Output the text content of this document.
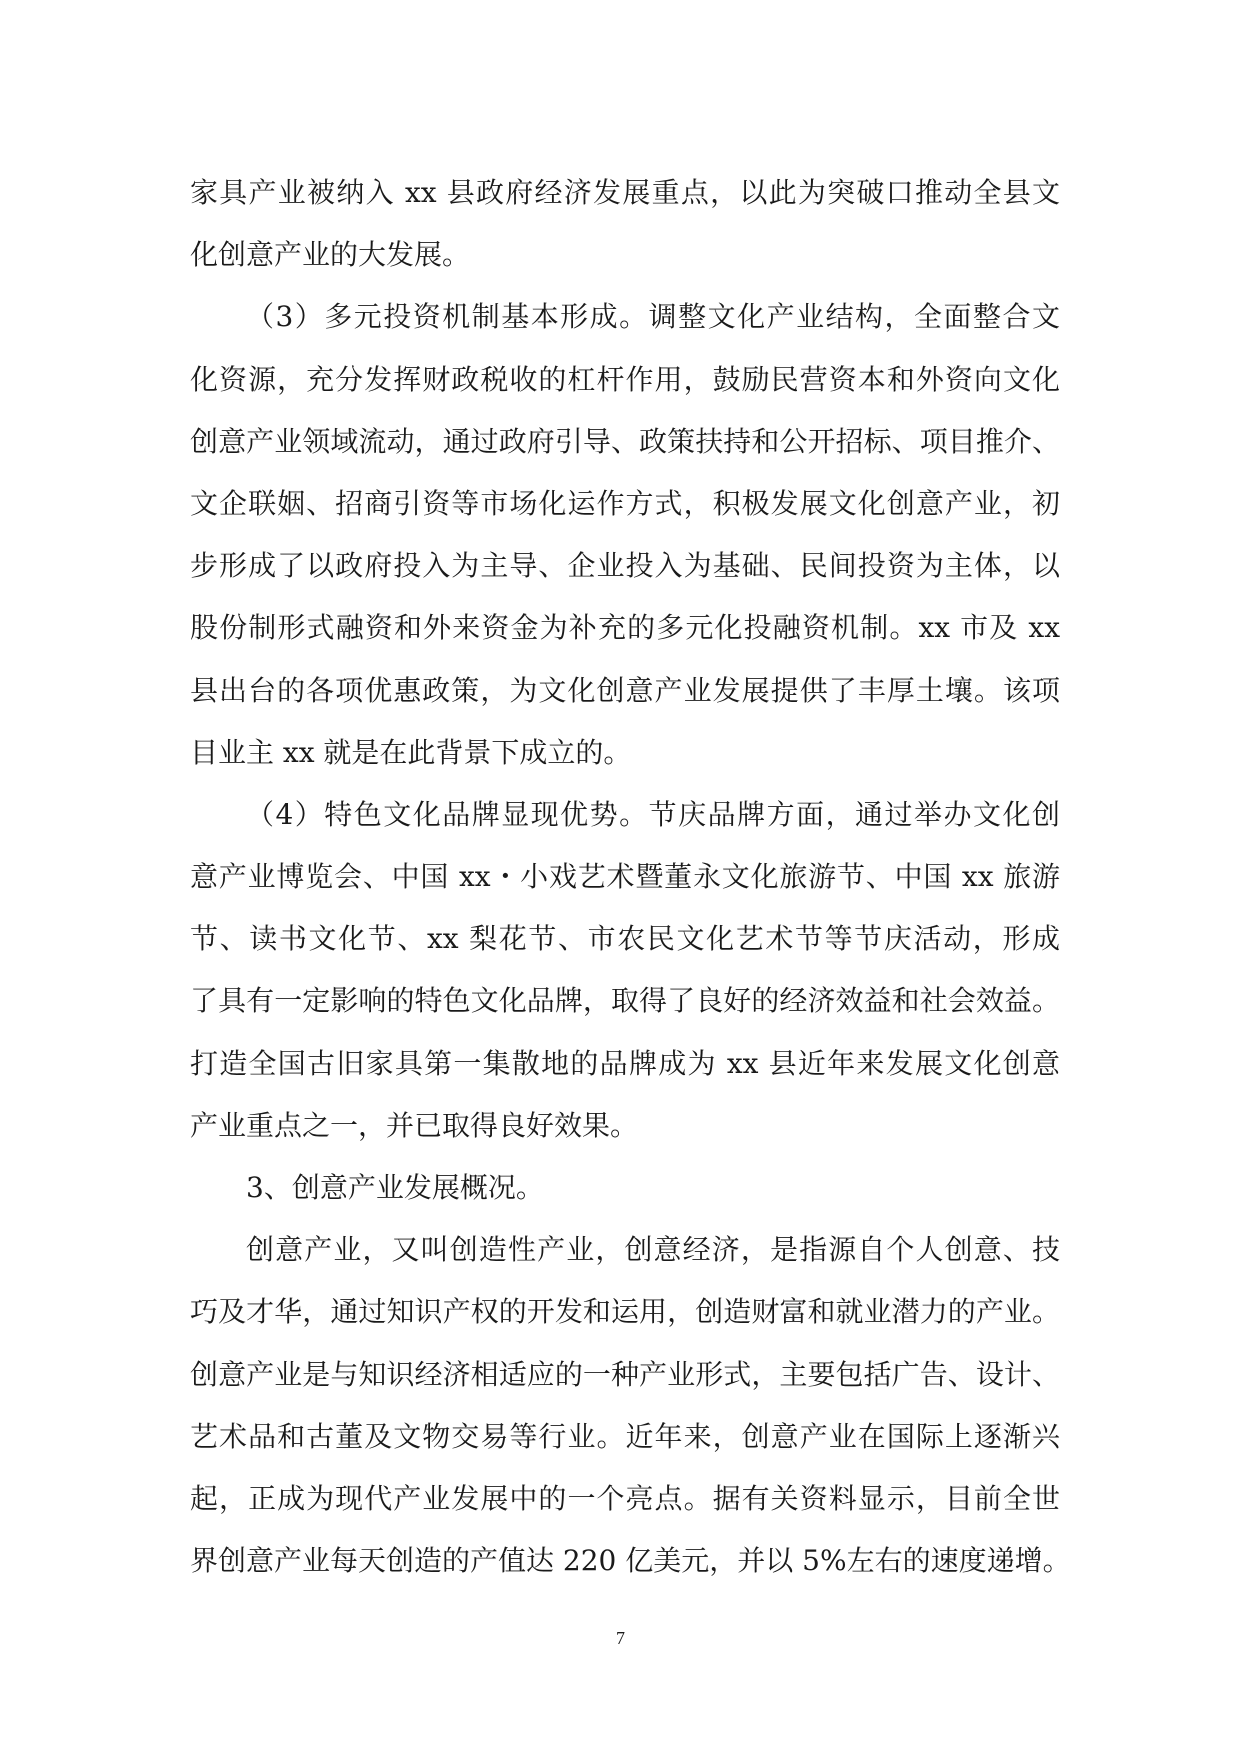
家具产业被纳入 xx 县政府经济发展重点，以此为突破口推动全县文
化创意产业的大发展。
（3）多元投资机制基本形成。调整文化产业结构，全面整合文
化资源，充分发挥财政税收的杠杆作用，鼓励民营资本和外资向文化
创意产业领域流动，通过政府引导、政策扶持和公开招标、项目推介、
文企联姻、招商引资等市场化运作方式，积极发展文化创意产业，初
步形成了以政府投入为主导、企业投入为基础、民间投资为主体，以
股份制形式融资和外来资金为补充的多元化投融资机制。xx 市及 xx
县出台的各项优惠政策，为文化创意产业发展提供了丰厚土壤。该项
目业主 xx 就是在此背景下成立的。
（4）特色文化品牌显现优势。节庆品牌方面，通过举办文化创
意产业博览会、中国 xx・小戏艺术暨董永文化旅游节、中国 xx 旅游
节、读书文化节、xx 梨花节、市农民文化艺术节等节庆活动，形成
了具有一定影响的特色文化品牌，取得了良好的经济效益和社会效益。
打造全国古旧家具第一集散地的品牌成为 xx 县近年来发展文化创意
产业重点之一，并已取得良好效果。
3、创意产业发展概况。
创意产业，又叫创造性产业，创意经济，是指源自个人创意、技
巧及才华，通过知识产权的开发和运用，创造财富和就业潜力的产业。
创意产业是与知识经济相适应的一种产业形式，主要包括广告、设计、
艺术品和古董及文物交易等行业。近年来，创意产业在国际上逐渐兴
起，正成为现代产业发展中的一个亮点。据有关资料显示，目前全世
界创意产业每天创造的产值达 220 亿美元，并以 5%左右的速度递增。
7
